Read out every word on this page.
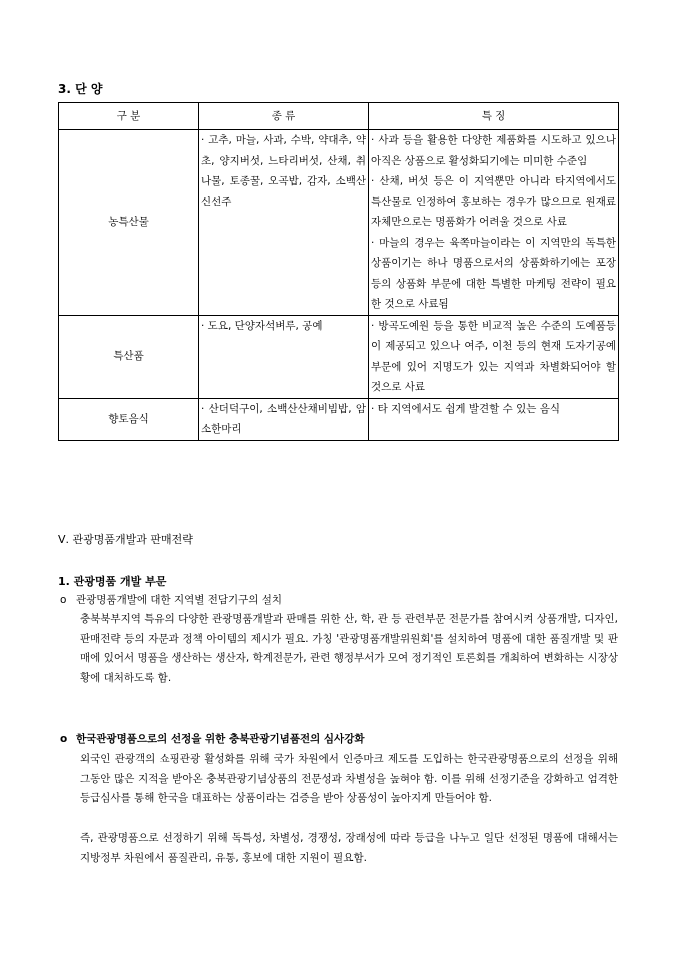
3. 단 양
구 분	종 류	특 징
농특산물	· 고추, 마늘, 사과, 수박, 약대추, 약초, 양지버섯, 느타리버섯, 산채, 취나물, 토종꿀, 오곡밥, 감자, 소백산신선주	· 사과 등을 활용한 다양한 제품화를 시도하고 있으나 아직은 상품으로 활성화되기에는 미미한 수준임
· 산채, 버섯 등은 이 지역뿐만 아니라 타지역에서도 특산물로 인정하여 홍보하는 경우가 많으므로 원재료 자체만으로는 명품화가 어려울 것으로 사료
· 마늘의 경우는 육쪽마늘이라는 이 지역만의 독특한 상품이기는 하나 명품으로서의 상품화하기에는 포장 등의 상품화 부문에 대한 특별한 마케팅 전략이 필요한 것으로 사료됨

특산품	· 도요, 단양자석벼루, 공예	· 방곡도예원 등을 통한 비교적 높은 수준의 도예품등이 제공되고 있으나 여주, 이천 등의 현재 도자기공예부문에 있어 지명도가 있는 지역과 차별화되어야 할 것으로 사료
향토음식	· 산더덕구이, 소백산산채비빔밥, 암소한마리	· 타 지역에서도 쉽게 발견할 수 있는 음식
Ⅴ. 관광명품개발과 판매전략
1. 관광명품 개발 부문
o 관광명품개발에 대한 지역별 전담기구의 설치

충북북부지역 특유의 다양한 관광명품개발과 판매를 위한 산, 학, 관 등 관련부문 전문가를 참여시켜 상품개발, 디자인, 판매전략 등의 자문과 정책 아이템의 제시가 필요. 가칭 '관광명품개발위원회'를 설치하여 명품에 대한 품질개발 및 판매에 있어서 명품을 생산하는 생산자, 학계전문가, 관련 행정부서가 모여 정기적인 토론회를 개최하여 변화하는 시장상황에 대처하도록 함.

o 한국관광명품으로의 선정을 위한 충북관광기념품전의 심사강화

외국인 관광객의 쇼핑관광 활성화를 위해 국가 차원에서 인증마크 제도를 도입하는 한국관광명품으로의 선정을 위해 그동안 많은 지적을 받아온 충북관광기념상품의 전문성과 차별성을 높혀야 함. 이를 위해 선정기준을 강화하고 엄격한 등급심사를 통해 한국을 대표하는 상품이라는 검증을 받아 상품성이 높아지게 만들어야 함.

즉, 관광명품으로 선정하기 위해 독특성, 차별성, 경쟁성, 장래성에 따라 등급을 나누고 일단 선정된 명품에 대해서는 지방정부 차원에서 품질관리, 유통, 홍보에 대한 지원이 필요함.
